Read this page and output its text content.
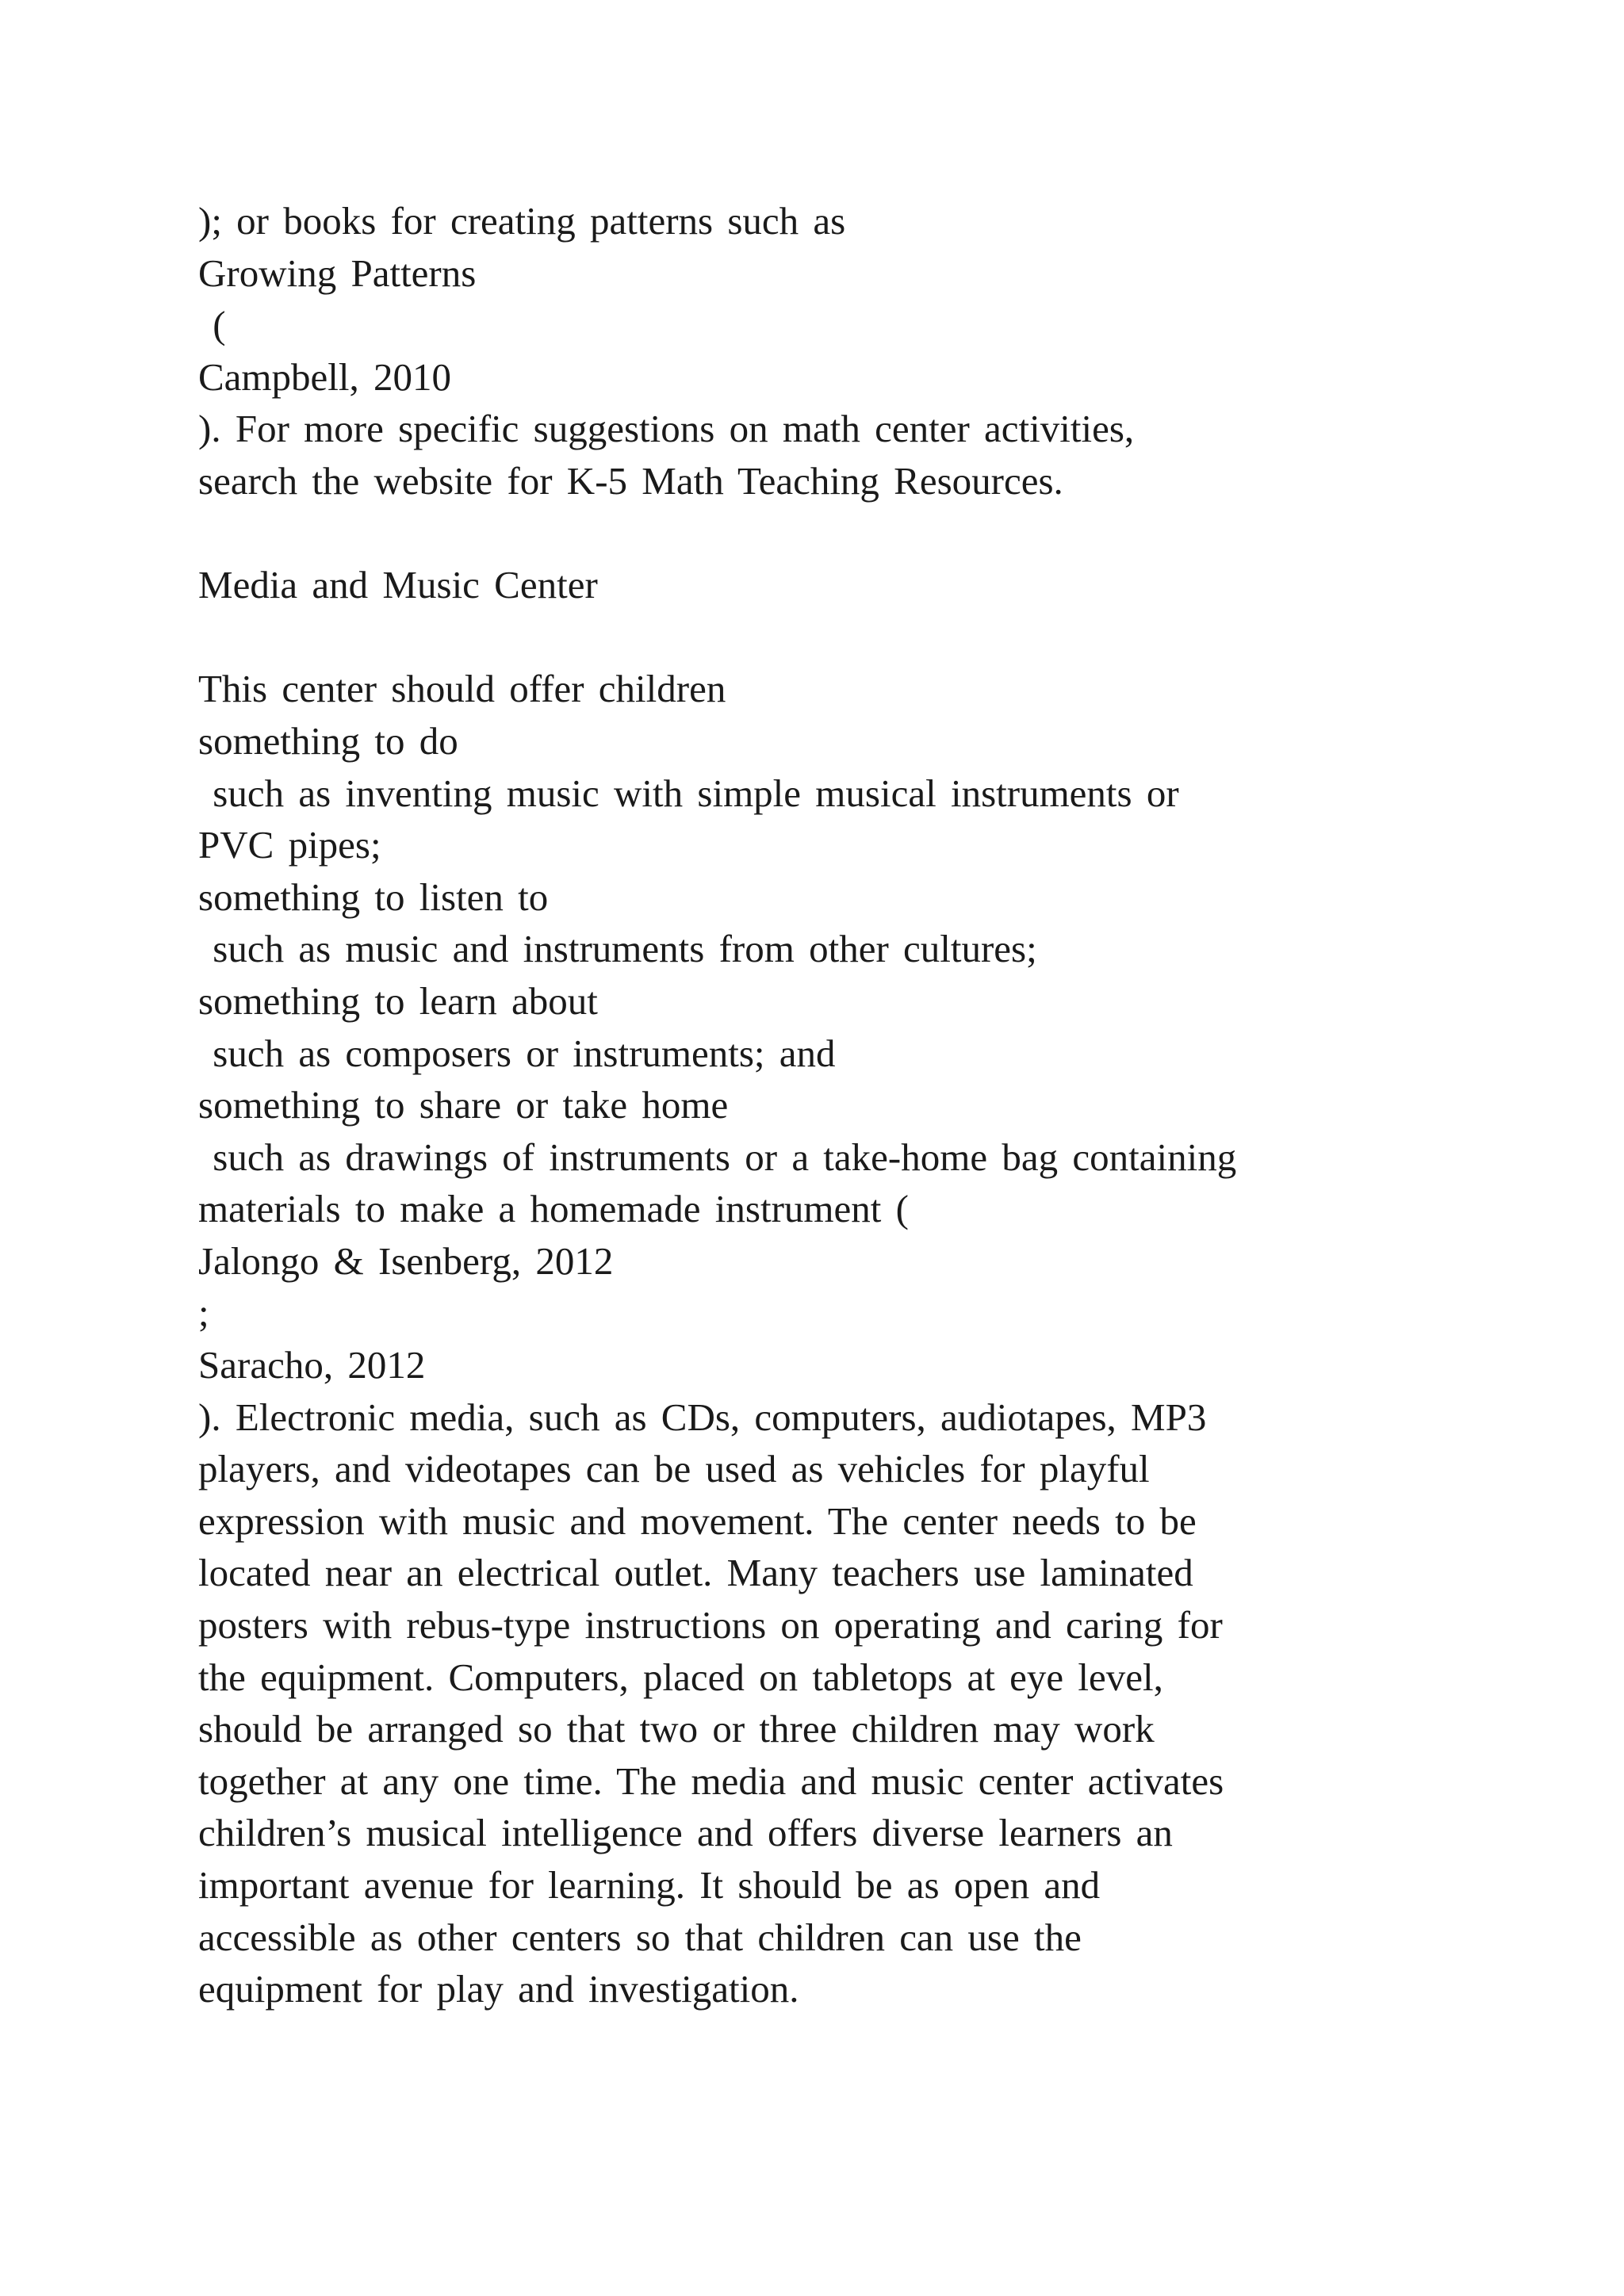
); or books for creating patterns such as
Growing Patterns
(
Campbell, 2010
). For more specific suggestions on math center activities,
search the website for K-5 Math Teaching Resources.
Media and Music Center
This center should offer children
something to do
such as inventing music with simple musical instruments or
PVC pipes;
something to listen to
such as music and instruments from other cultures;
something to learn about
such as composers or instruments; and
something to share or take home
such as drawings of instruments or a take-home bag containing
materials to make a homemade instrument (
Jalongo & Isenberg, 2012
;
Saracho, 2012
). Electronic media, such as CDs, computers, audiotapes, MP3
players, and videotapes can be used as vehicles for playful
expression with music and movement. The center needs to be
located near an electrical outlet. Many teachers use laminated
posters with rebus-type instructions on operating and caring for
the equipment. Computers, placed on tabletops at eye level,
should be arranged so that two or three children may work
together at any one time. The media and music center activates
children’s musical intelligence and offers diverse learners an
important avenue for learning. It should be as open and
accessible as other centers so that children can use the
equipment for play and investigation.
